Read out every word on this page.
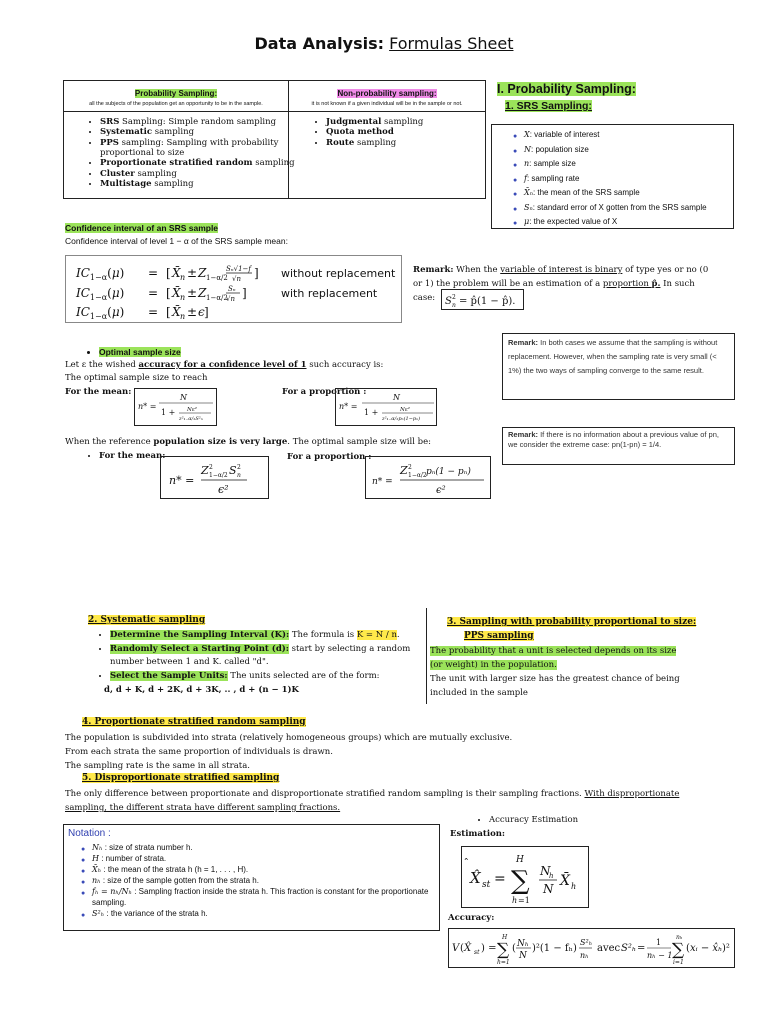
Data Analysis: Formulas Sheet
Probability Sampling:
all the subjects of the population get an opportunity to be in the sample.
Non-probability sampling:
it is not known if a given individual will be in the sample or not.
• SRS Sampling: Simple random sampling
• Systematic sampling
• PPS sampling: Sampling with probability proportional to size
• Proportionate stratified random sampling
• Cluster sampling
• Multistage sampling
• Judgmental sampling
• Quota method
• Route sampling
I. Probability Sampling:
1. SRS Sampling:
● X: variable of interest
● N: population size
● n: sample size
● f: sampling rate
● X̄ₙ: the mean of the SRS sample
● Sₙ: standard error of X gotten from the SRS sample
● μ: the expected value of X
Confidence interval of an SRS sample
Confidence interval of level 1 − α of the SRS sample mean:
$IC_{1-\alpha}(\mu)$ = [ X̄ n ± Z 1−α/2
Sₙ√1−f
√n ] without replacement
$IC_{1-\alpha}(\mu)$ = [ X̄ n ± Z 1−α/2
Sₙ
√n ]	with replacement
$IC_{1-\alpha}(\mu)$ = [ X̄ n ± ϵ ]
Remark: When the variable of interest is binary of type yes or no (0 or 1) the problem will be an estimation of a proportion p̂. In such case: S 2
n = p̂(1 − p̂).
Remark: In both cases we assume that the sampling is without replacement. However, when the sampling rate is very small (< 1%) the two ways of sampling converge to the same result.
• Optimal sample size
Let ε the wished accuracy for a confidence level of 1 such accuracy is:
The optimal sample size to reach
For the mean:	For a proportion :
n* =
N
1 + Nε²
z²₁₋α/₂S²ₙ
n* =
N
1 +	Nε²
z²₁₋α/₂pₙ(1−pₙ)
When the reference population size is very large. The optimal sample size will be:
• For the mean:	For a proportion :
n* =
Z 2
1−α/2 S 2
n
ϵ²
n* =
Z 2
1−α/2 pₙ(1 − pₙ)
ϵ²
Remark: If there is no information about a previous value of pn, we consider the extreme case: pn(1-pn) = 1/4.
2. Systematic sampling
• Determine the Sampling Interval (K): The formula is K = N / n.
• Randomly Select a Starting Point (d): start by selecting a random number between 1 and K. called "d".
• Select the Sample Units: The units selected are of the form:
d, d + K, d + 2K, d + 3K, .. , d + (n − 1)K
3. Sampling with probability proportional to size:
PPS sampling
The probability that a unit is selected depends on its size (or weight) in the population.
The unit with larger size has the greatest chance of being included in the sample
4. Proportionate stratified random sampling
The population is subdivided into strata (relatively homogeneous groups) which are mutually exclusive.
From each strata the same proportion of individuals is drawn.
The sampling rate is the same in all strata.
5. Disproportionate stratified sampling
The only difference between proportionate and disproportionate stratified random sampling is their sampling fractions. With disproportionate sampling, the different strata have different sampling fractions.
• Accuracy Estimation
Estimation:
X̂ st =
H
∑
h =1
N
h
N X̄ h
Accuracy:
V ( X̂ st ) =
H
∑
h=1
( Nₕ
N
)²(1 − fₕ)
S²ₕ
nₕ
avec S²ₕ =
1
nₕ − 1
nₕ
∑
i=1
( xᵢ − x̂ₕ )²
Notation :
● Nₕ : size of strata number h.
● H : number of strata.
● X̄ₕ : the mean of the strata h (h = 1, . . . , H).
● nₕ : size of the sample gotten from the strata h.
● fₕ = nₕ/Nₕ : Sampling fraction inside the strata h. This fraction is constant for the proportionate sampling.
● S²ₕ : the variance of the strata h.
